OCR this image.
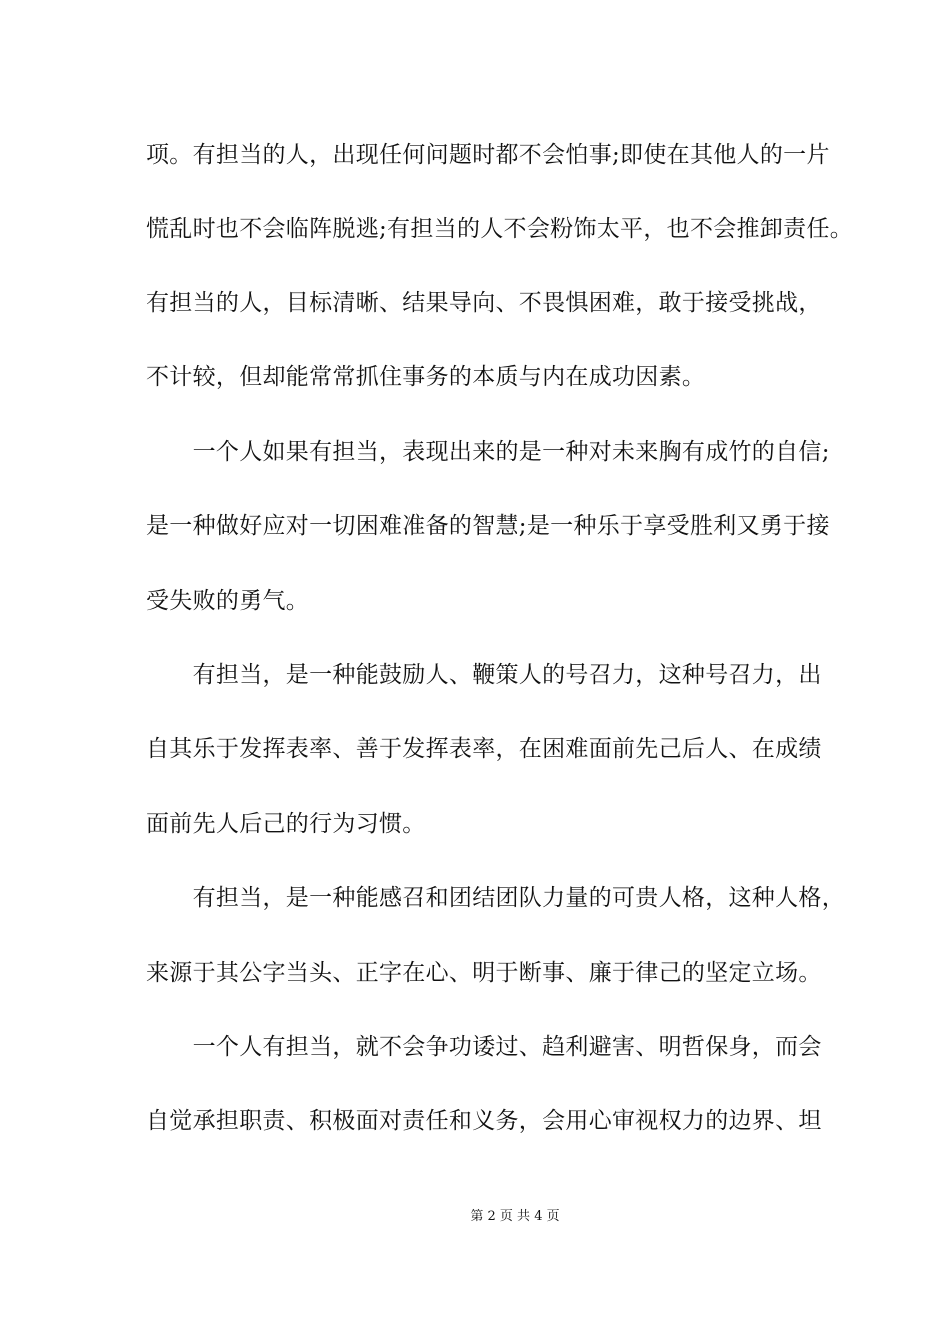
项。有担当的人，出现任何问题时都不会怕事;即使在其他人的一片
慌乱时也不会临阵脱逃;有担当的人不会粉饰太平，也不会推卸责任。
有担当的人，目标清晰、结果导向、不畏惧困难，敢于接受挑战，
不计较，但却能常常抓住事务的本质与内在成功因素。
　　一个人如果有担当，表现出来的是一种对未来胸有成竹的自信;
是一种做好应对一切困难准备的智慧;是一种乐于享受胜利又勇于接
受失败的勇气。
　　有担当，是一种能鼓励人、鞭策人的号召力，这种号召力，出
自其乐于发挥表率、善于发挥表率，在困难面前先己后人、在成绩
面前先人后己的行为习惯。
　　有担当，是一种能感召和团结团队力量的可贵人格，这种人格，
来源于其公字当头、正字在心、明于断事、廉于律己的坚定立场。
　　一个人有担当，就不会争功诿过、趋利避害、明哲保身，而会
自觉承担职责、积极面对责任和义务，会用心审视权力的边界、坦
第 2 页 共 4 页
